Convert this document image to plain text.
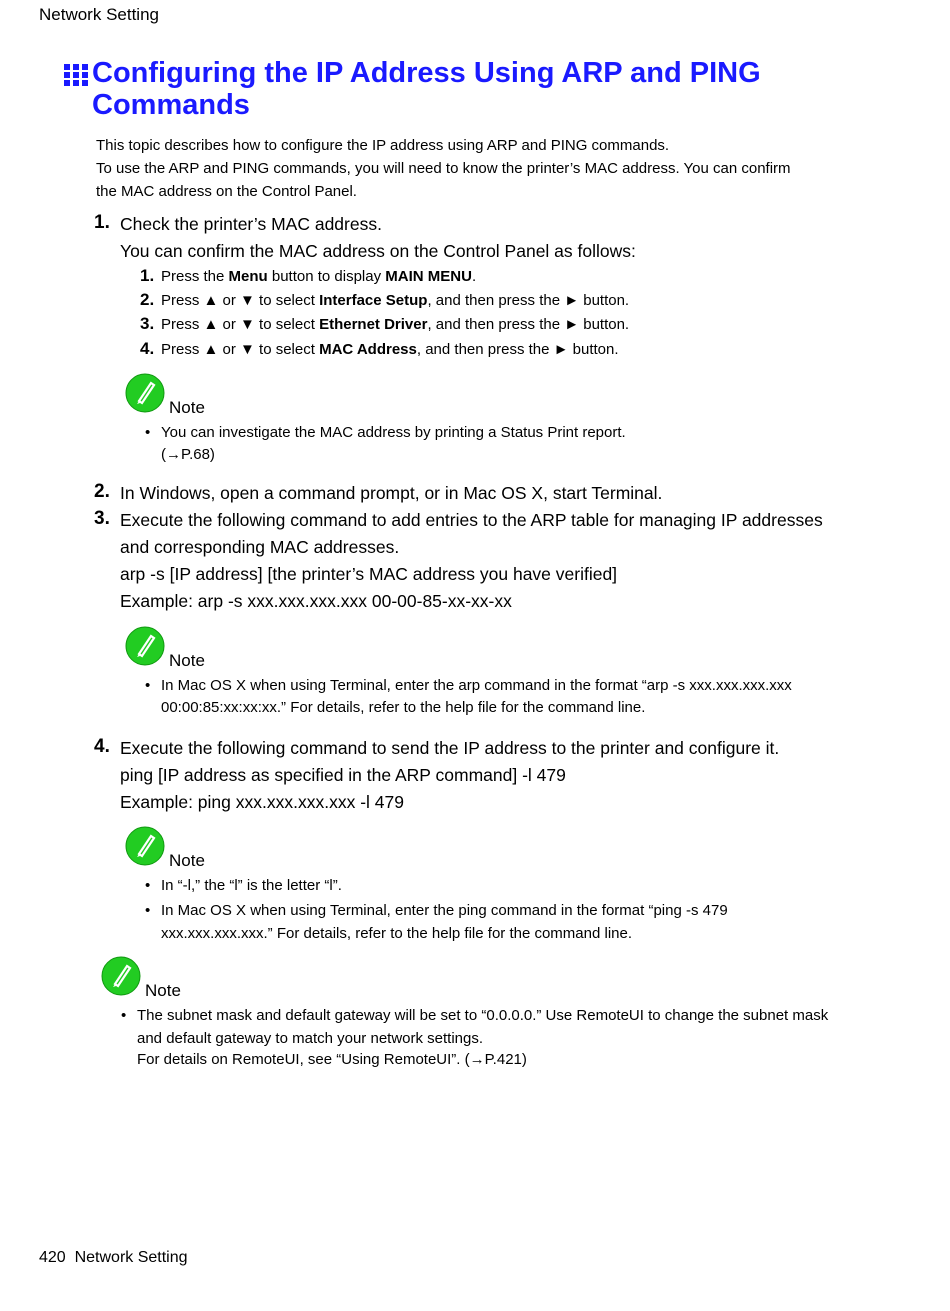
Network Setting
Configuring the IP Address Using ARP and PING Commands
This topic describes how to configure the IP address using ARP and PING commands.
To use the ARP and PING commands, you will need to know the printer’s MAC address. You can confirm
the MAC address on the Control Panel.
1. Check the printer’s MAC address.
You can confirm the MAC address on the Control Panel as follows:
1. Press the Menu button to display MAIN MENU.
2. Press ▲ or ▼ to select Interface Setup, and then press the ► button.
3. Press ▲ or ▼ to select Ethernet Driver, and then press the ► button.
4. Press ▲ or ▼ to select MAC Address, and then press the ► button.
Note
• You can investigate the MAC address by printing a Status Print report.
(→P.68)
2. In Windows, open a command prompt, or in Mac OS X, start Terminal.
3. Execute the following command to add entries to the ARP table for managing IP addresses
and corresponding MAC addresses.
arp -s [IP address] [the printer’s MAC address you have verified]
Example: arp -s xxx.xxx.xxx.xxx 00-00-85-xx-xx-xx
Note
• In Mac OS X when using Terminal, enter the arp command in the format “arp -s xxx.xxx.xxx.xxx
00:00:85:xx:xx:xx.” For details, refer to the help file for the command line.
4. Execute the following command to send the IP address to the printer and configure it.
ping [IP address as specified in the ARP command] -l 479
Example: ping xxx.xxx.xxx.xxx -l 479
Note
• In “-l,” the “l” is the letter “l”.
• In Mac OS X when using Terminal, enter the ping command in the format “ping -s 479
xxx.xxx.xxx.xxx.” For details, refer to the help file for the command line.
Note
• The subnet mask and default gateway will be set to “0.0.0.0.” Use RemoteUI to change the subnet mask
and default gateway to match your network settings.
For details on RemoteUI, see “Using RemoteUI”. (→P.421)
420 Network Setting
